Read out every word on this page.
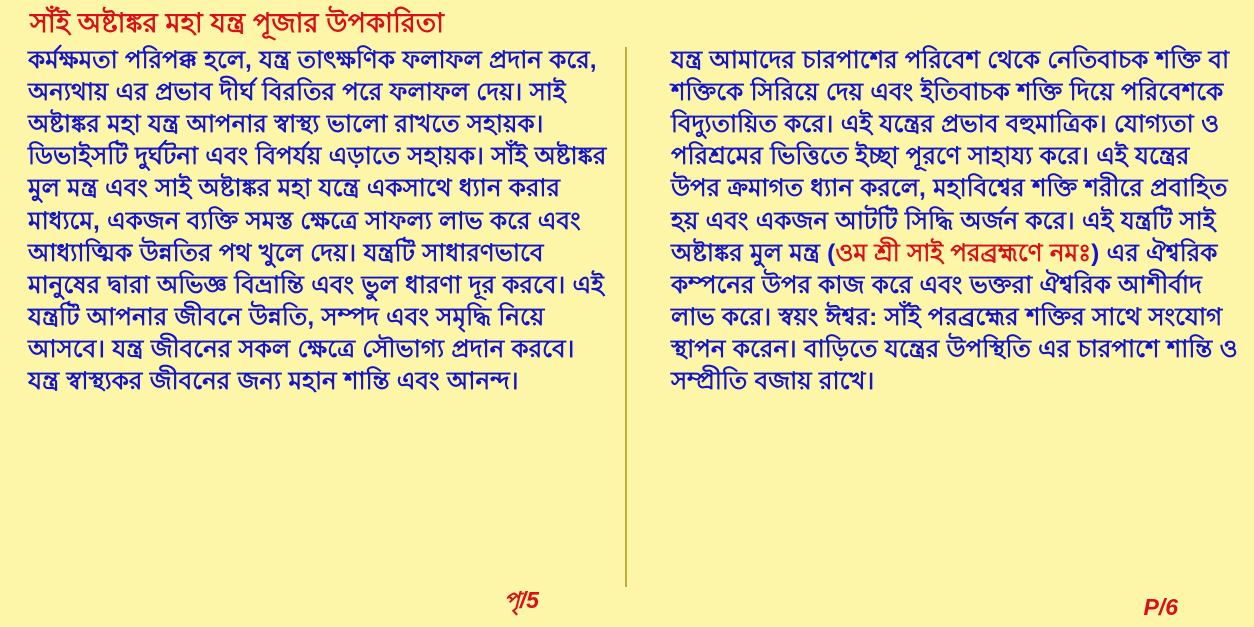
সাঁই অষ্টাঙ্কর মহা যন্ত্র পূজার উপকারিতা
কর্মক্ষমতা পরিপক্ক হলে, যন্ত্র তাৎক্ষণিক ফলাফল প্রদান করে, অন্যথায় এর প্রভাব দীর্ঘ বিরতির পরে ফলাফল দেয়। সাই অষ্টাঙ্কর মহা যন্ত্র আপনার স্বাস্থ্য ভালো রাখতে সহায়ক। ডিভাইসটি দুর্ঘটনা এবং বিপর্যয় এড়াতে সহায়ক। সাঁই অষ্টাঙ্কর মুল মন্ত্র এবং সাই অষ্টাঙ্কর মহা যন্ত্রে একসাথে ধ্যান করার মাধ্যমে, একজন ব্যক্তি সমস্ত ক্ষেত্রে সাফল্য লাভ করে এবং আধ্যাত্মিক উন্নতির পথ খুলে দেয়। যন্ত্রটি সাধারণভাবে মানুষের দ্বারা অভিজ্ঞ বিভ্রান্তি এবং ভুল ধারণা দূর করবে। এই যন্ত্রটি আপনার জীবনে উন্নতি, সম্পদ এবং সমৃদ্ধি নিয়ে আসবে। যন্ত্র জীবনের সকল ক্ষেত্রে সৌভাগ্য প্রদান করবে। যন্ত্র স্বাস্থ্যকর জীবনের জন্য মহান শান্তি এবং আনন্দ।
পৃ/5
যন্ত্র আমাদের চারপাশের পরিবেশ থেকে নেতিবাচক শক্তি বা শক্তিকে সিরিয়ে দেয় এবং ইতিবাচক শক্তি দিয়ে পরিবেশকে বিদ্যুতায়িত করে। এই যন্ত্রের প্রভাব বহুমাত্রিক। যোগ্যতা ও পরিশ্রমের ভিত্তিতে ইচ্ছা পূরণে সাহায্য করে। এই যন্ত্রের উপর ক্রমাগত ধ্যান করলে, মহাবিশ্বের শক্তি শরীরে প্রবাহিত হয় এবং একজন আটটি সিদ্ধি অর্জন করে। এই যন্ত্রটি সাই অষ্টাঙ্কর মুল মন্ত্র (ওম শ্রী সাই পরব্রহ্মণে নমঃ) এর ঐশ্বরিক কম্পনের উপর কাজ করে এবং ভক্তরা ঐশ্বরিক আশীর্বাদ লাভ করে। স্বয়ং ঈশ্বর: সাঁই পরব্রহ্মের শক্তির সাথে সংযোগ স্থাপন করেন। বাড়িতে যন্ত্রের উপস্থিতি এর চারপাশে শান্তি ও সম্প্রীতি বজায় রাখে।
P/6
